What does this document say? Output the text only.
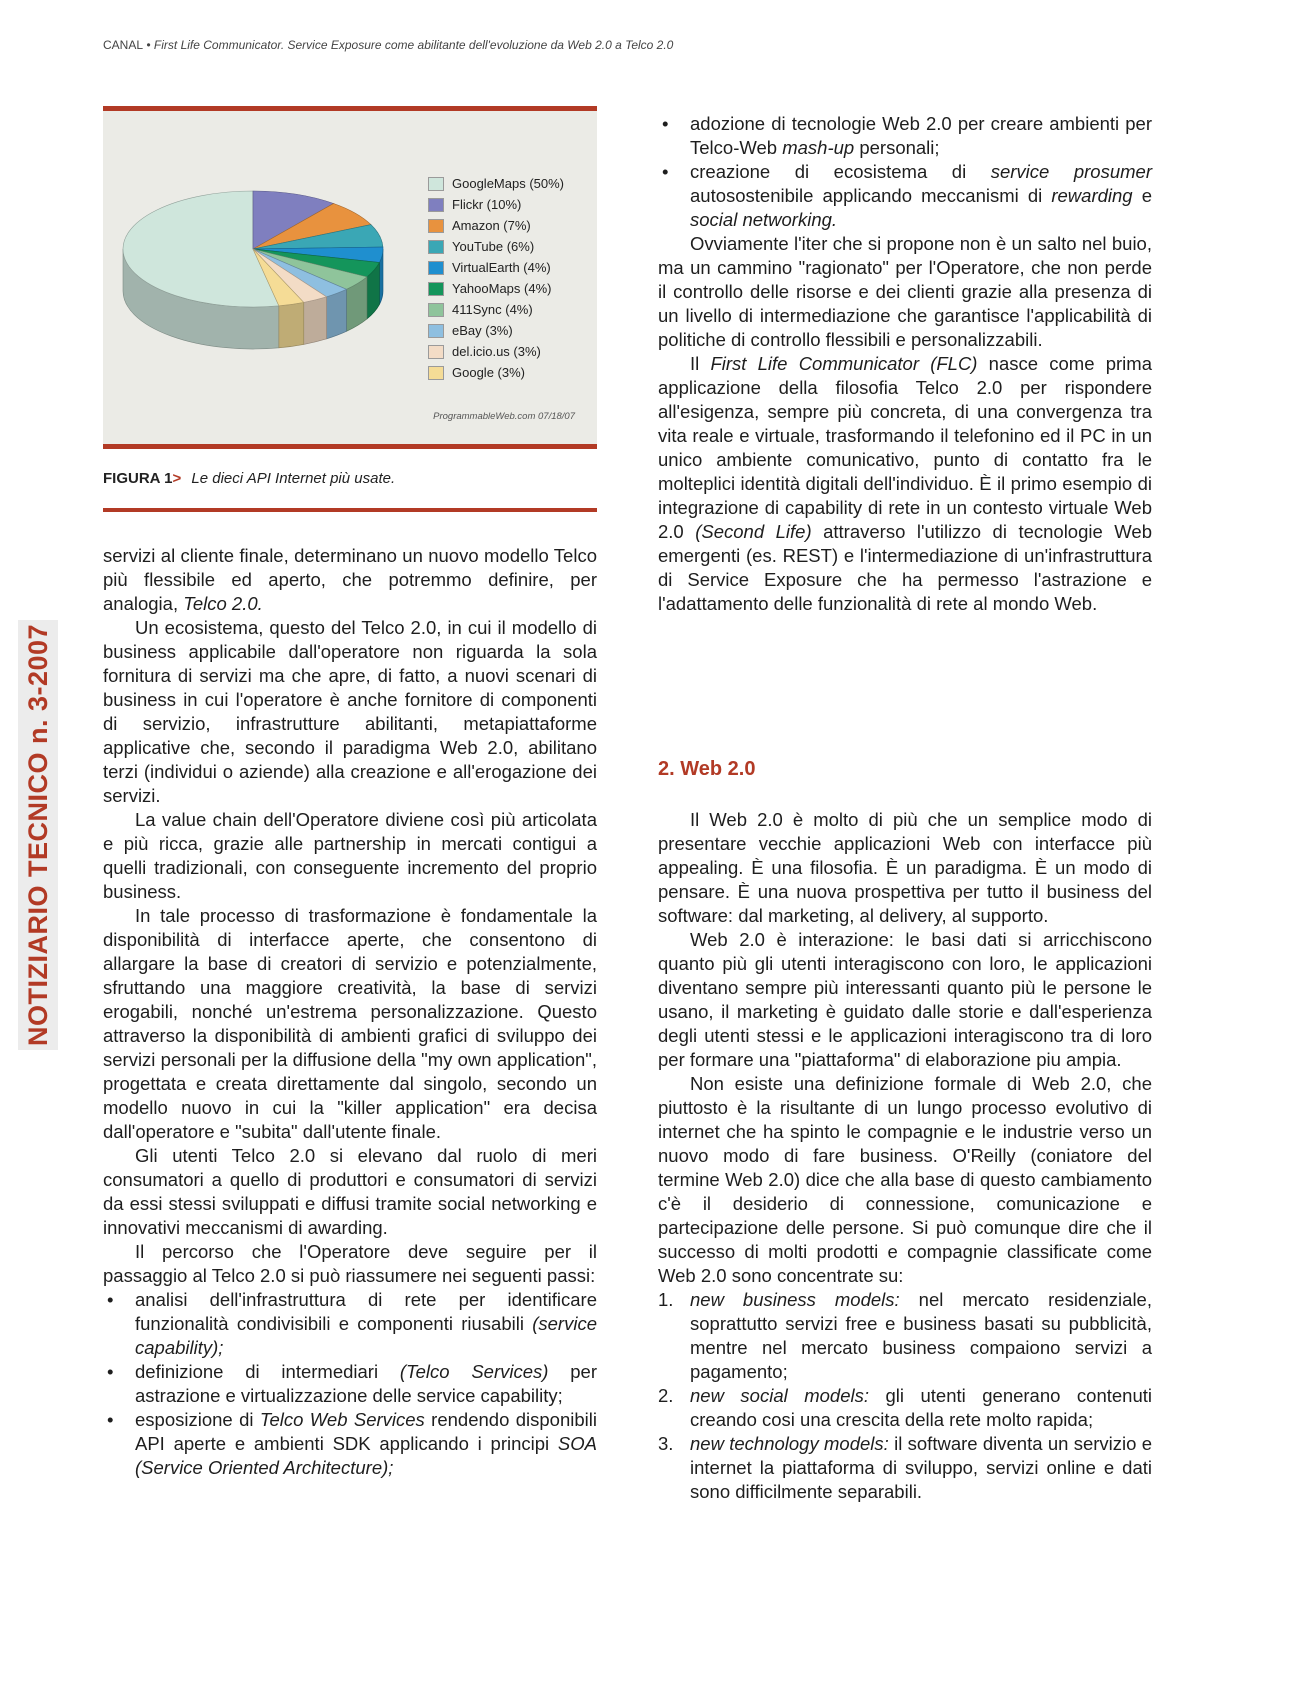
CANAL • First Life Communicator. Service Exposure come abilitante dell'evoluzione da Web 2.0 a Telco 2.0
NOTIZIARIO TECNICO n. 3-2007
GoogleMaps (50%)
Flickr (10%)
Amazon (7%)
YouTube (6%)
VirtualEarth (4%)
YahooMaps (4%)
411Sync (4%)
eBay (3%)
del.icio.us (3%)
Google (3%)
ProgrammableWeb.com 07/18/07
FIGURA 1> Le dieci API Internet più usate.

servizi al cliente finale, determinano un nuovo modello Telco più flessibile ed aperto, che potremmo definire, per analogia, Telco 2.0.

Un ecosistema, questo del Telco 2.0, in cui il modello di business applicabile dall'operatore non riguarda la sola fornitura di servizi ma che apre, di fatto, a nuovi scenari di business in cui l'operatore è anche fornitore di componenti di servizio, infrastrutture abilitanti, metapiattaforme applicative che, secondo il paradigma Web 2.0, abilitano terzi (individui o aziende) alla creazione e all'erogazione dei servizi.

La value chain dell'Operatore diviene così più articolata e più ricca, grazie alle partnership in mercati contigui a quelli tradizionali, con conseguente incremento del proprio business.

In tale processo di trasformazione è fondamentale la disponibilità di interfacce aperte, che consentono di allargare la base di creatori di servizio e potenzialmente, sfruttando una maggiore creatività, la base di servizi erogabili, nonché un'estrema personalizzazione. Questo attraverso la disponibilità di ambienti grafici di sviluppo dei servizi personali per la diffusione della "my own application", progettata e creata direttamente dal singolo, secondo un modello nuovo in cui la "killer application" era decisa dall'operatore e "subita" dall'utente finale.

Gli utenti Telco 2.0 si elevano dal ruolo di meri consumatori a quello di produttori e consumatori di servizi da essi stessi sviluppati e diffusi tramite social networking e innovativi meccanismi di awarding.

Il percorso che l'Operatore deve seguire per il passaggio al Telco 2.0 si può riassumere nei seguenti passi:

• analisi dell'infrastruttura di rete per identificare funzionalità condivisibili e componenti riusabili (service capability);
• definizione di intermediari (Telco Services) per astrazione e virtualizzazione delle service capability;
• esposizione di Telco Web Services rendendo disponibili API aperte e ambienti SDK applicando i principi SOA (Service Oriented Architecture);
• adozione di tecnologie Web 2.0 per creare ambienti per Telco-Web mash-up personali;
• creazione di ecosistema di service prosumer autosostenibile applicando meccanismi di rewarding e social networking.

Ovviamente l'iter che si propone non è un salto nel buio, ma un cammino "ragionato" per l'Operatore, che non perde il controllo delle risorse e dei clienti grazie alla presenza di un livello di intermediazione che garantisce l'applicabilità di politiche di controllo flessibili e personalizzabili.

Il First Life Communicator (FLC) nasce come prima applicazione della filosofia Telco 2.0 per rispondere all'esigenza, sempre più concreta, di una convergenza tra vita reale e virtuale, trasformando il telefonino ed il PC in un unico ambiente comunicativo, punto di contatto fra le molteplici identità digitali dell'individuo. È il primo esempio di integrazione di capability di rete in un contesto virtuale Web 2.0 (Second Life) attraverso l'utilizzo di tecnologie Web emergenti (es. REST) e l'intermediazione di un'infrastruttura di Service Exposure che ha permesso l'astrazione e l'adattamento delle funzionalità di rete al mondo Web.

2. Web 2.0

Il Web 2.0 è molto di più che un semplice modo di presentare vecchie applicazioni Web con interfacce più appealing. È una filosofia. È un paradigma. È un modo di pensare. È una nuova prospettiva per tutto il business del software: dal marketing, al delivery, al supporto.

Web 2.0 è interazione: le basi dati si arricchiscono quanto più gli utenti interagiscono con loro, le applicazioni diventano sempre più interessanti quanto più le persone le usano, il marketing è guidato dalle storie e dall'esperienza degli utenti stessi e le applicazioni interagiscono tra di loro per formare una "piattaforma" di elaborazione piu ampia.

Non esiste una definizione formale di Web 2.0, che piuttosto è la risultante di un lungo processo evolutivo di internet che ha spinto le compagnie e le industrie verso un nuovo modo di fare business. O'Reilly (coniatore del termine Web 2.0) dice che alla base di questo cambiamento c'è il desiderio di connessione, comunicazione e partecipazione delle persone. Si può comunque dire che il successo di molti prodotti e compagnie classificate come Web 2.0 sono concentrate su:

1. new business models: nel mercato residenziale, soprattutto servizi free e business basati su pubblicità, mentre nel mercato business compaiono servizi a pagamento;
2. new social models: gli utenti generano contenuti creando cosi una crescita della rete molto rapida;
3. new technology models: il software diventa un servizio e internet la piattaforma di sviluppo, servizi online e dati sono difficilmente separabili.
